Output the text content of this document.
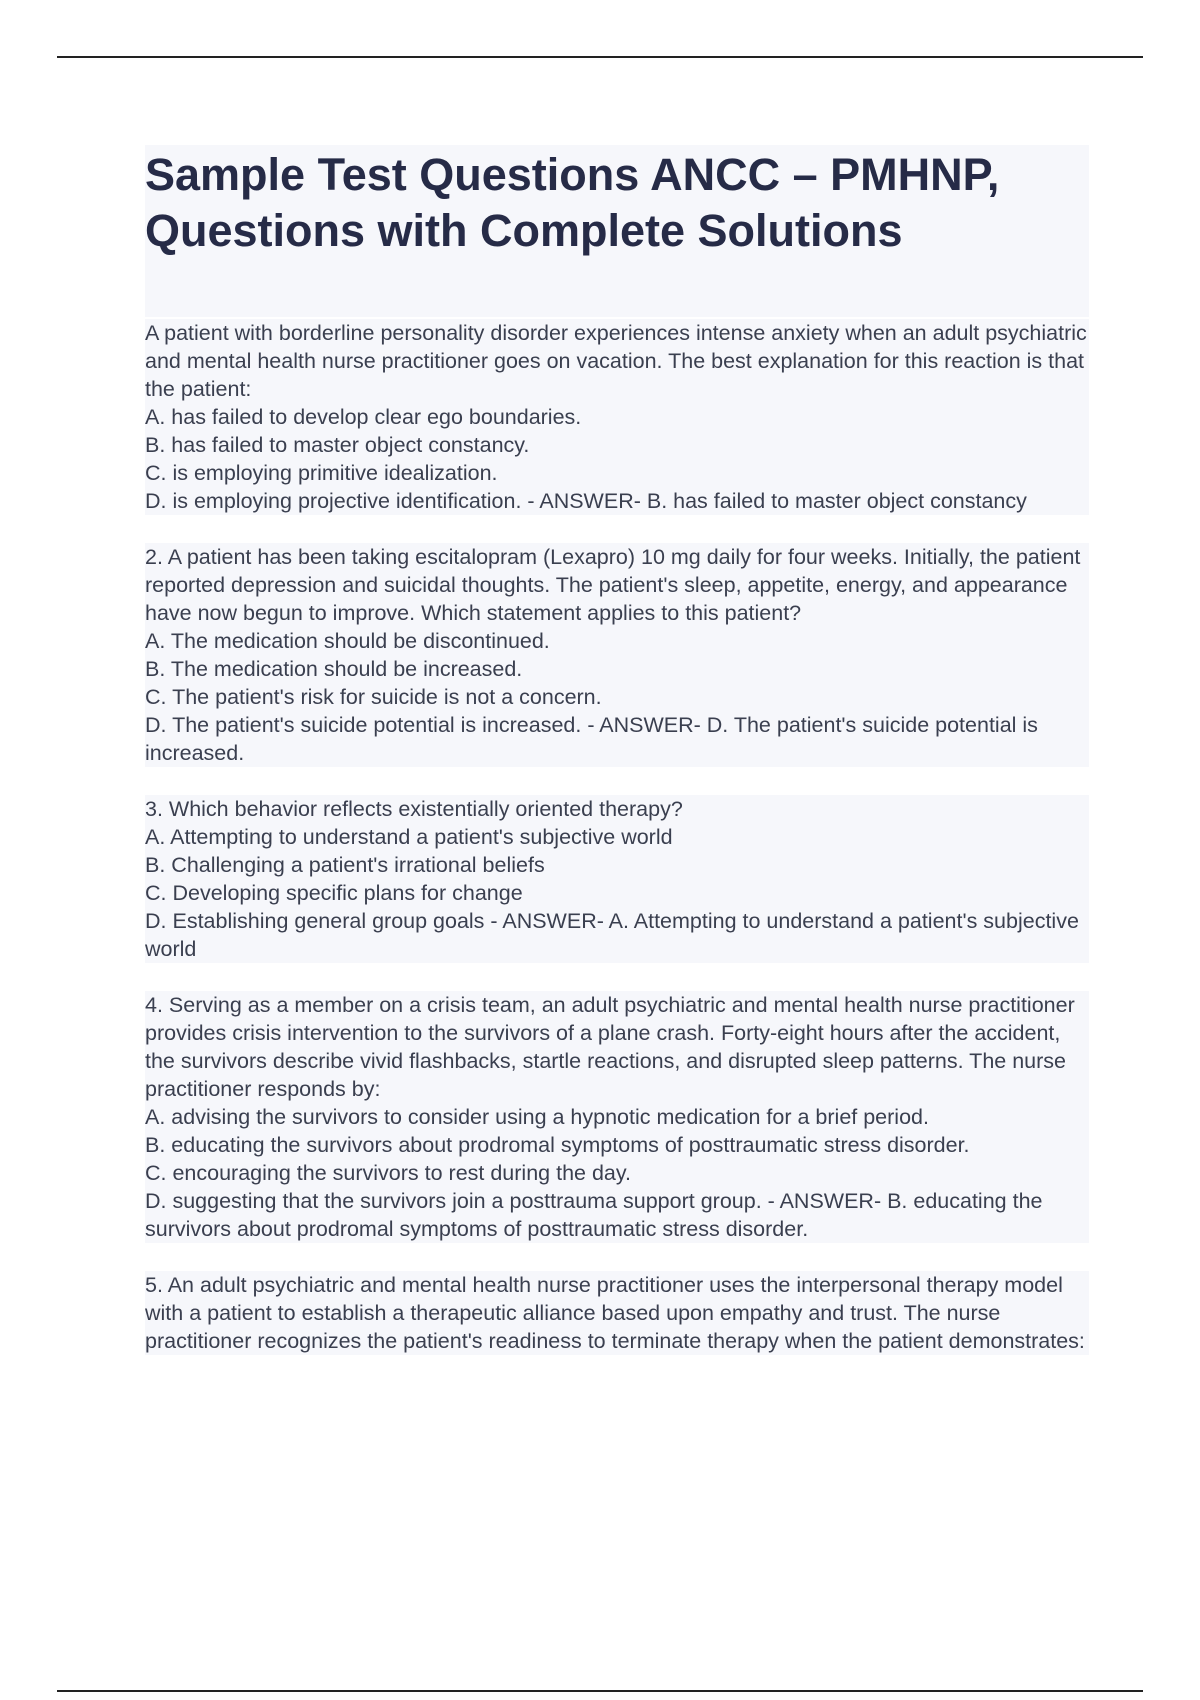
Sample Test Questions ANCC – PMHNP, Questions with Complete Solutions

A patient with borderline personality disorder experiences intense anxiety when an adult psychiatric and mental health nurse practitioner goes on vacation. The best explanation for this reaction is that the patient:

A. has failed to develop clear ego boundaries.

B. has failed to master object constancy.

C. is employing primitive idealization.

D. is employing projective identification. - ANSWER- B. has failed to master object constancy

2. A patient has been taking escitalopram (Lexapro) 10 mg daily for four weeks. Initially, the patient reported depression and suicidal thoughts. The patient's sleep, appetite, energy, and appearance have now begun to improve. Which statement applies to this patient?

A. The medication should be discontinued.

B. The medication should be increased.

C. The patient's risk for suicide is not a concern.

D. The patient's suicide potential is increased. - ANSWER- D. The patient's suicide potential is increased.

3. Which behavior reflects existentially oriented therapy?

A. Attempting to understand a patient's subjective world

B. Challenging a patient's irrational beliefs

C. Developing specific plans for change

D. Establishing general group goals - ANSWER- A. Attempting to understand a patient's subjective world

4. Serving as a member on a crisis team, an adult psychiatric and mental health nurse practitioner provides crisis intervention to the survivors of a plane crash. Forty-eight hours after the accident, the survivors describe vivid flashbacks, startle reactions, and disrupted sleep patterns. The nurse practitioner responds by:

A. advising the survivors to consider using a hypnotic medication for a brief period.

B. educating the survivors about prodromal symptoms of posttraumatic stress disorder.

C. encouraging the survivors to rest during the day.

D. suggesting that the survivors join a posttrauma support group. - ANSWER- B. educating the survivors about prodromal symptoms of posttraumatic stress disorder.

5. An adult psychiatric and mental health nurse practitioner uses the interpersonal therapy model with a patient to establish a therapeutic alliance based upon empathy and trust. The nurse practitioner recognizes the patient's readiness to terminate therapy when the patient demonstrates:
